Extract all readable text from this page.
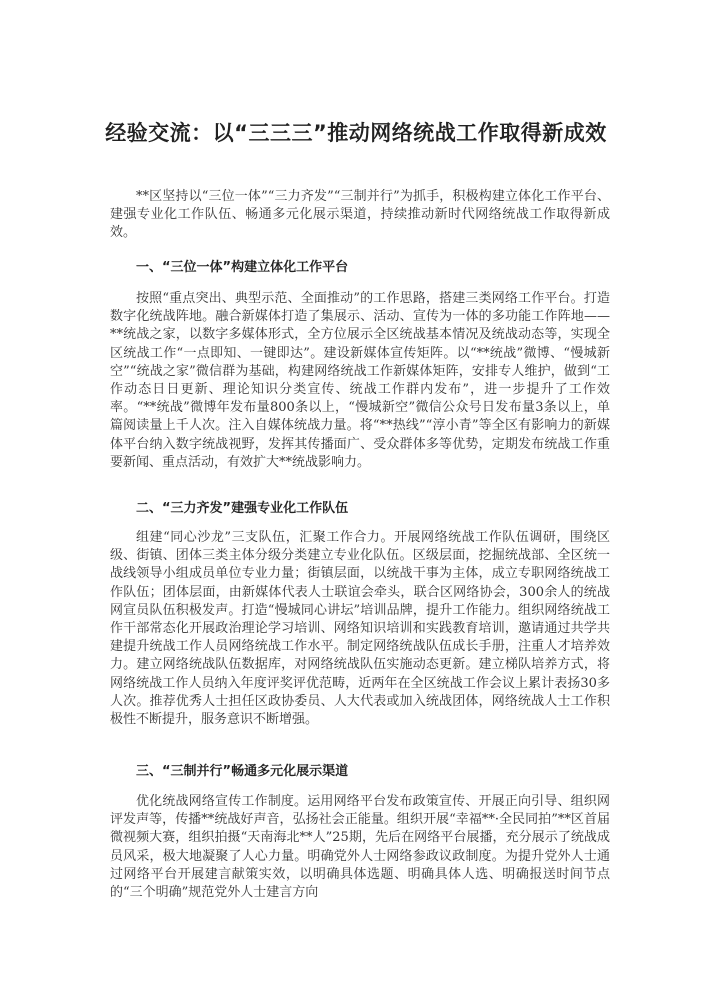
经验交流：以“三三三”推动网络统战工作取得新成效
**区坚持以“三位一体”“三力齐发”“三制并行”为抓手，积极构建立体化工作平台、建强专业化工作队伍、畅通多元化展示渠道，持续推动新时代网络统战工作取得新成效。
一、“三位一体”构建立体化工作平台
按照“重点突出、典型示范、全面推动”的工作思路，搭建三类网络工作平台。打造数字化统战阵地。融合新媒体打造了集展示、活动、宣传为一体的多功能工作阵地——**统战之家，以数字多媒体形式，全方位展示全区统战基本情况及统战动态等，实现全区统战工作“一点即知、一键即达”。建设新媒体宣传矩阵。以“**统战”微博、“慢城新空”“统战之家”微信群为基础，构建网络统战工作新媒体矩阵，安排专人维护，做到“工作动态日日更新、理论知识分类宣传、统战工作群内发布”，进一步提升了工作效率。“**统战”微博年发布量800条以上，“慢城新空”微信公众号日发布量3条以上，单篇阅读量上千人次。注入自媒体统战力量。将“**热线”“淳小青”等全区有影响力的新媒体平台纳入数字统战视野，发挥其传播面广、受众群体多等优势，定期发布统战工作重要新闻、重点活动，有效扩大**统战影响力。
二、“三力齐发”建强专业化工作队伍
组建“同心沙龙”三支队伍，汇聚工作合力。开展网络统战工作队伍调研，围绕区级、街镇、团体三类主体分级分类建立专业化队伍。区级层面，挖掘统战部、全区统一战线领导小组成员单位专业力量；街镇层面，以统战干事为主体，成立专职网络统战工作队伍；团体层面，由新媒体代表人士联谊会牵头，联合区网络协会，300余人的统战网宣员队伍积极发声。打造“慢城同心讲坛”培训品牌，提升工作能力。组织网络统战工作干部常态化开展政治理论学习培训、网络知识培训和实践教育培训，邀请通过共学共建提升统战工作人员网络统战工作水平。制定网络统战队伍成长手册，注重人才培养效力。建立网络统战队伍数据库，对网络统战队伍实施动态更新。建立梯队培养方式，将网络统战工作人员纳入年度评奖评优范畴，近两年在全区统战工作会议上累计表扬30多人次。推荐优秀人士担任区政协委员、人大代表或加入统战团体，网络统战人士工作积极性不断提升，服务意识不断增强。
三、“三制并行”畅通多元化展示渠道
优化统战网络宣传工作制度。运用网络平台发布政策宣传、开展正向引导、组织网评发声等，传播**统战好声音，弘扬社会正能量。组织开展“幸福**·全民同拍”**区首届微视频大赛，组织拍摄“天南海北**人”25期，先后在网络平台展播，充分展示了统战成员风采，极大地凝聚了人心力量。明确党外人士网络参政议政制度。为提升党外人士通过网络平台开展建言献策实效，以明确具体选题、明确具体人选、明确报送时间节点的“三个明确”规范党外人士建言方向
